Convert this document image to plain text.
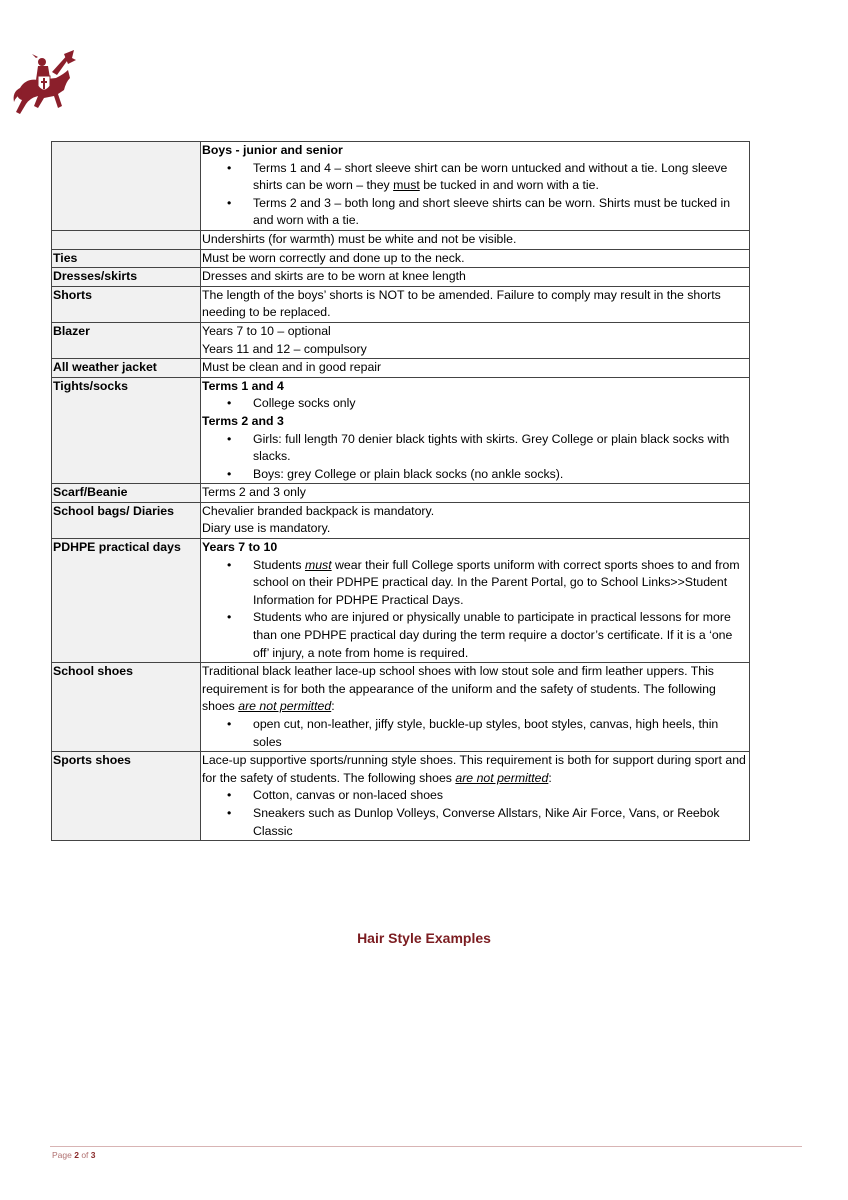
Boys - junior and senior
• Terms 1 and 4 – short sleeve shirt can be worn untucked and without a tie. Long sleeve shirts can be worn – they must be tucked in and worn with a tie.
• Terms 2 and 3 – both long and short sleeve shirts can be worn. Shirts must be tucked in and worn with a tie.

	Undershirts (for warmth) must be white and not be visible.

Ties	Must be worn correctly and done up to the neck.

Dresses/skirts	Dresses and skirts are to be worn at knee length

Shorts	The length of the boys’ shorts is NOT to be amended. Failure to comply may result in the shorts needing to be replaced.

Blazer	Years 7 to 10 – optional
Years 11 and 12 – compulsory

All weather jacket	Must be clean and in good repair

Tights/socks	Terms 1 and 4
• College socks only
Terms 2 and 3
• Girls: full length 70 denier black tights with skirts. Grey College or plain black socks with slacks.
• Boys: grey College or plain black socks (no ankle socks).

Scarf/Beanie	Terms 2 and 3 only

School bags/ Diaries	Chevalier branded backpack is mandatory.
Diary use is mandatory.

PDHPE practical days	Years 7 to 10
• Students must wear their full College sports uniform with correct sports shoes to and from school on their PDHPE practical day. In the Parent Portal, go to School Links>>Student Information for PDHPE Practical Days.
• Students who are injured or physically unable to participate in practical lessons for more than one PDHPE practical day during the term require a doctor’s certificate. If it is a ‘one off’ injury, a note from home is required.

School shoes	Traditional black leather lace-up school shoes with low stout sole and firm leather uppers. This requirement is for both the appearance of the uniform and the safety of students. The following shoes are not permitted:
• open cut, non-leather, jiffy style, buckle-up styles, boot styles, canvas, high heels, thin soles

Sports shoes	Lace-up supportive sports/running style shoes. This requirement is both for support during sport and for the safety of students. The following shoes are not permitted:
• Cotton, canvas or non-laced shoes
• Sneakers such as Dunlop Volleys, Converse Allstars, Nike Air Force, Vans, or Reebok Classic
Hair Style Examples
Page 2 of 3
